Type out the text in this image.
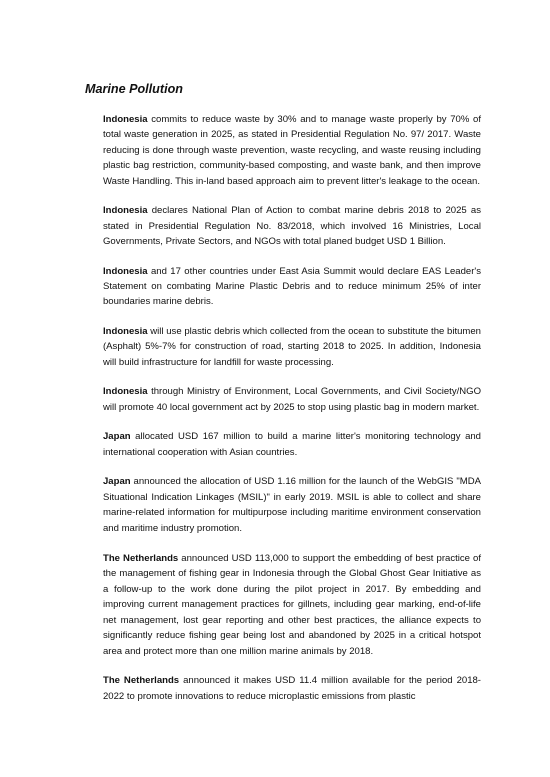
Marine Pollution

Indonesia commits to reduce waste by 30% and to manage waste properly by 70% of total waste generation in 2025, as stated in Presidential Regulation No. 97/ 2017. Waste reducing is done through waste prevention, waste recycling, and waste reusing including plastic bag restriction, community-based composting, and waste bank, and then improve Waste Handling. This in-land based approach aim to prevent litter's leakage to the ocean.

Indonesia declares National Plan of Action to combat marine debris 2018 to 2025 as stated in Presidential Regulation No. 83/2018, which involved 16 Ministries, Local Governments, Private Sectors, and NGOs with total planed budget USD 1 Billion.

Indonesia and 17 other countries under East Asia Summit would declare EAS Leader's Statement on combating Marine Plastic Debris and to reduce minimum 25% of inter boundaries marine debris.

Indonesia will use plastic debris which collected from the ocean to substitute the bitumen (Asphalt) 5%-7% for construction of road, starting 2018 to 2025. In addition, Indonesia will build infrastructure for landfill for waste processing.

Indonesia through Ministry of Environment, Local Governments, and Civil Society/NGO will promote 40 local government act by 2025 to stop using plastic bag in modern market.

Japan allocated USD 167 million to build a marine litter's monitoring technology and international cooperation with Asian countries.

Japan announced the allocation of USD 1.16 million for the launch of the WebGIS "MDA Situational Indication Linkages (MSIL)" in early 2019. MSIL is able to collect and share marine-related information for multipurpose including maritime environment conservation and maritime industry promotion.

The Netherlands announced USD 113,000 to support the embedding of best practice of the management of fishing gear in Indonesia through the Global Ghost Gear Initiative as a follow-up to the work done during the pilot project in 2017. By embedding and improving current management practices for gillnets, including gear marking, end-of-life net management, lost gear reporting and other best practices, the alliance expects to significantly reduce fishing gear being lost and abandoned by 2025 in a critical hotspot area and protect more than one million marine animals by 2018.

The Netherlands announced it makes USD 11.4 million available for the period 2018-2022 to promote innovations to reduce microplastic emissions from plastic
